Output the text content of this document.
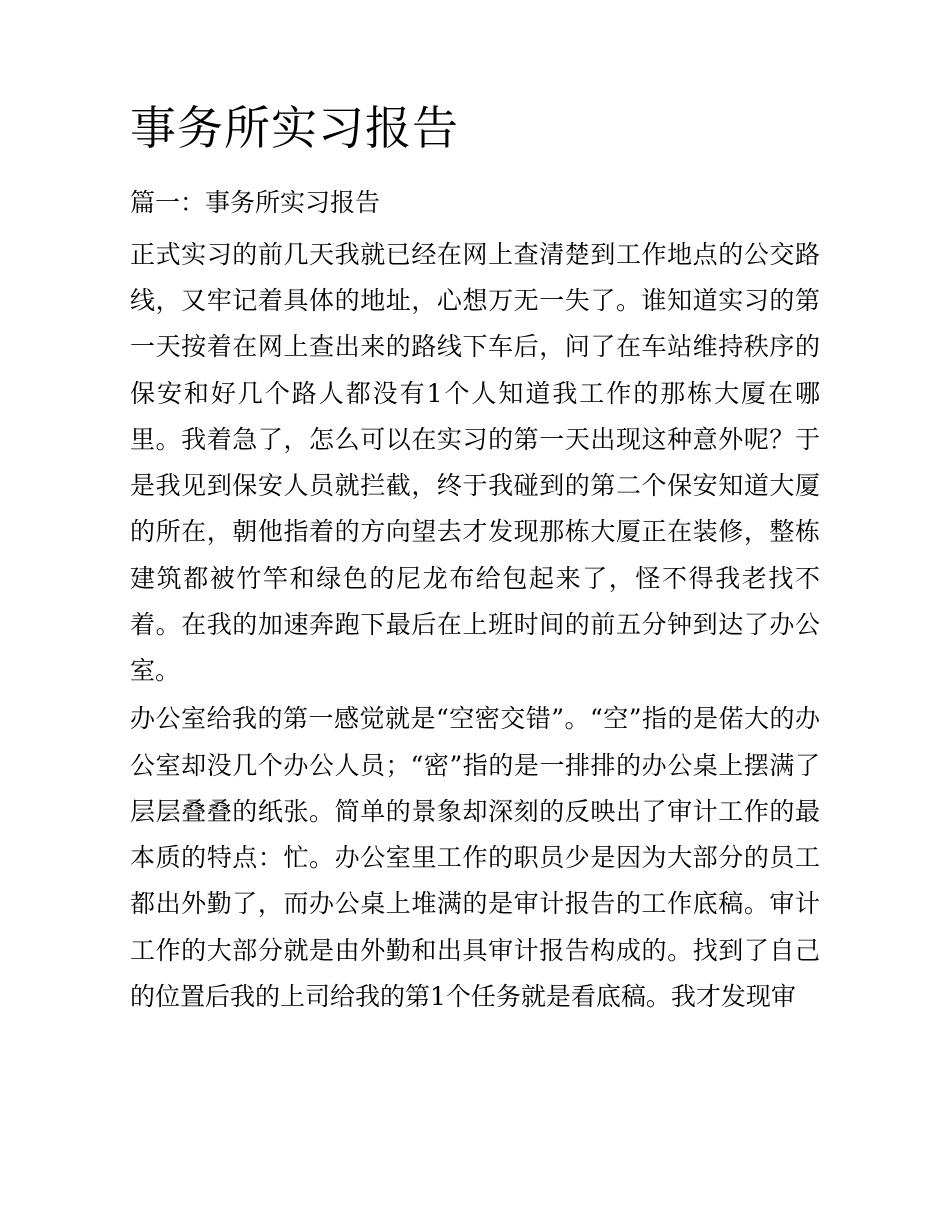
事务所实习报告

篇一：事务所实习报告

正式实习的前几天我就已经在网上查清楚到工作地点的公交路线，又牢记着具体的地址，心想万无一失了。谁知道实习的第一天按着在网上查出来的路线下车后，问了在车站维持秩序的保安和好几个路人都没有1个人知道我工作的那栋大厦在哪里。我着急了，怎么可以在实习的第一天出现这种意外呢？于是我见到保安人员就拦截，终于我碰到的第二个保安知道大厦的所在，朝他指着的方向望去才发现那栋大厦正在装修，整栋建筑都被竹竿和绿色的尼龙布给包起来了，怪不得我老找不着。在我的加速奔跑下最后在上班时间的前五分钟到达了办公室。

办公室给我的第一感觉就是“空密交错”。“空”指的是偌大的办公室却没几个办公人员；“密”指的是一排排的办公桌上摆满了层层叠叠的纸张。简单的景象却深刻的反映出了审计工作的最本质的特点：忙。办公室里工作的职员少是因为大部分的员工都出外勤了，而办公桌上堆满的是审计报告的工作底稿。审计工作的大部分就是由外勤和出具审计报告构成的。找到了自己的位置后我的上司给我的第1个任务就是看底稿。我才发现审
